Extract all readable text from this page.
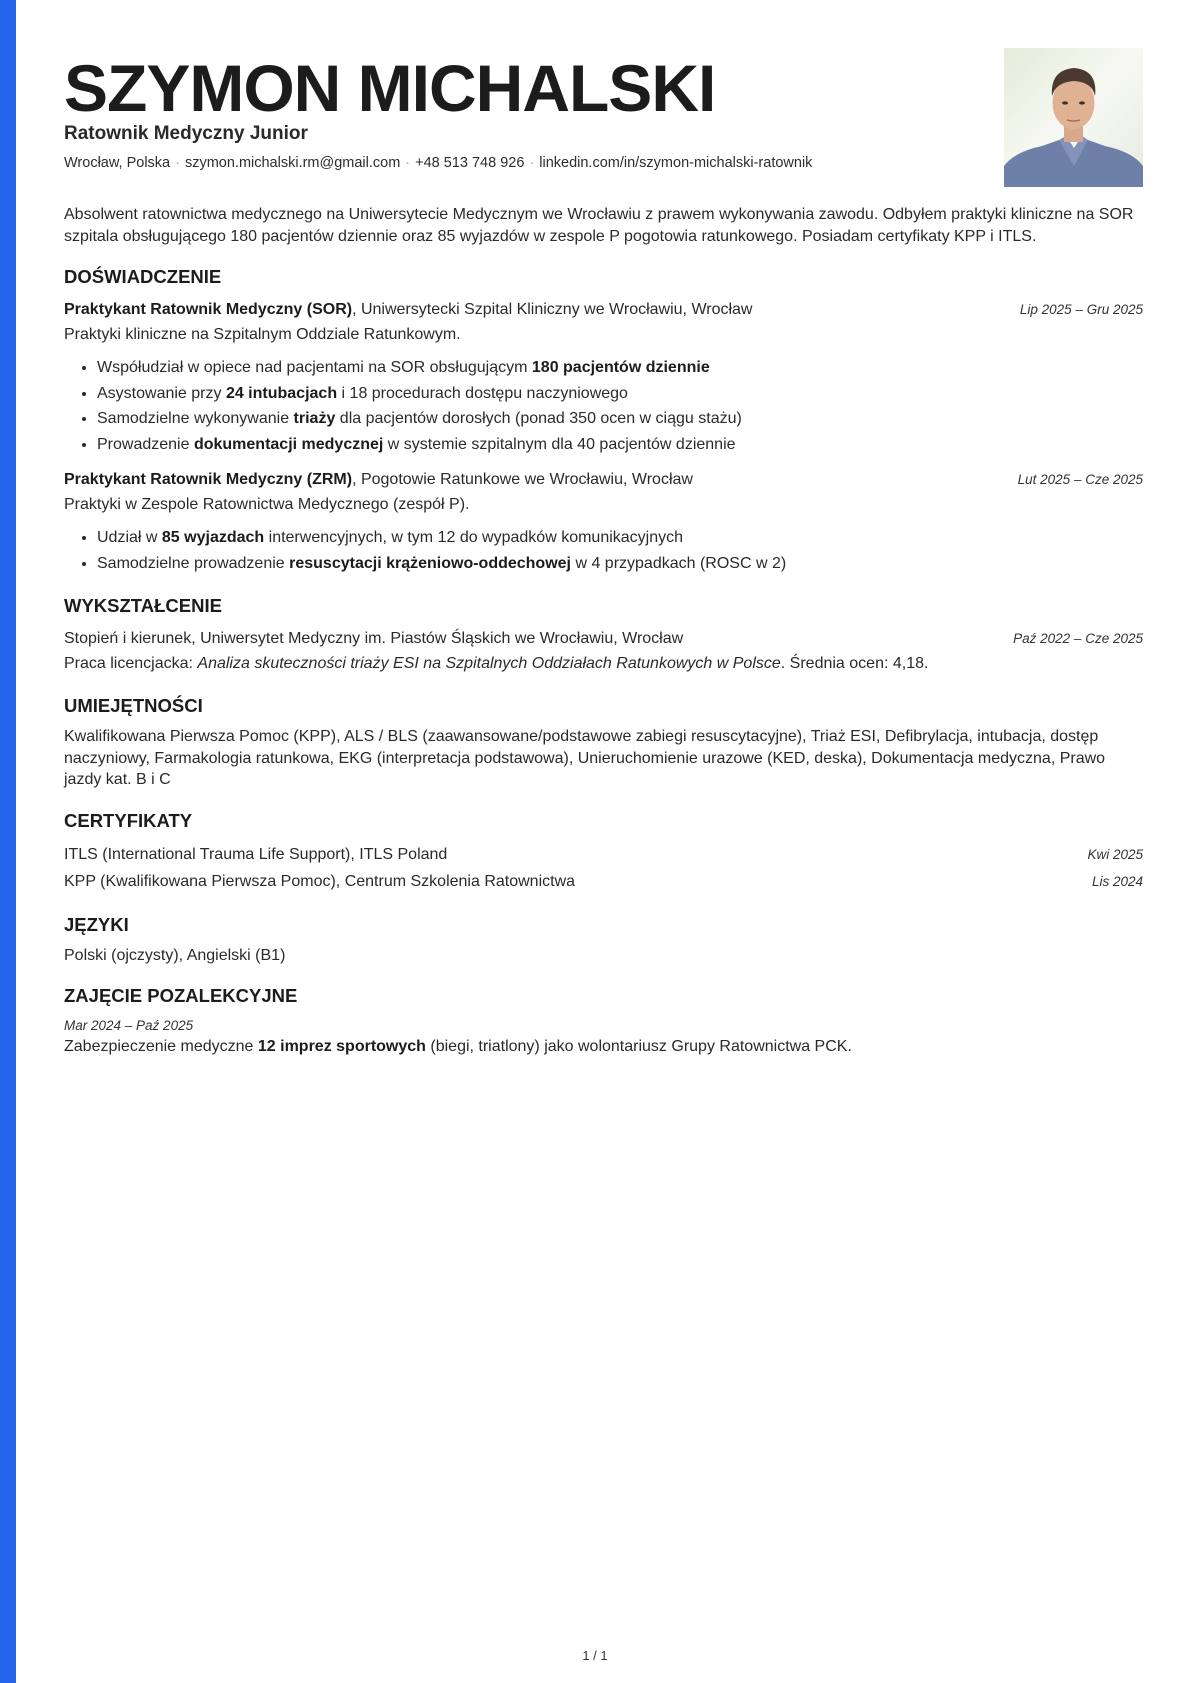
SZYMON MICHALSKI
Ratownik Medyczny Junior
Wrocław, Polska · szymon.michalski.rm@gmail.com · +48 513 748 926 · linkedin.com/in/szymon-michalski-ratownik
Absolwent ratownictwa medycznego na Uniwersytecie Medycznym we Wrocławiu z prawem wykonywania zawodu. Odbyłem praktyki kliniczne na SOR szpitala obsługującego 180 pacjentów dziennie oraz 85 wyjazdów w zespole P pogotowia ratunkowego. Posiadam certyfikaty KPP i ITLS.
DOŚWIADCZENIE
Praktykant Ratownik Medyczny (SOR), Uniwersytecki Szpital Kliniczny we Wrocławiu, Wrocław	Lip 2025 – Gru 2025
Praktyki kliniczne na Szpitalnym Oddziale Ratunkowym.
• Współudział w opiece nad pacjentami na SOR obsługującym 180 pacjentów dziennie
• Asystowanie przy 24 intubacjach i 18 procedurach dostępu naczyniowego
• Samodzielne wykonywanie triaży dla pacjentów dorosłych (ponad 350 ocen w ciągu stażu)
• Prowadzenie dokumentacji medycznej w systemie szpitalnym dla 40 pacjentów dziennie
Praktykant Ratownik Medyczny (ZRM), Pogotowie Ratunkowe we Wrocławiu, Wrocław	Lut 2025 – Cze 2025
Praktyki w Zespole Ratownictwa Medycznego (zespół P).
• Udział w 85 wyjazdach interwencyjnych, w tym 12 do wypadków komunikacyjnych
• Samodzielne prowadzenie resuscytacji krążeniowo-oddechowej w 4 przypadkach (ROSC w 2)
WYKSZTAŁCENIE
Stopień i kierunek, Uniwersytet Medyczny im. Piastów Śląskich we Wrocławiu, Wrocław	Paź 2022 – Cze 2025
Praca licencjacka: Analiza skuteczności triaży ESI na Szpitalnych Oddziałach Ratunkowych w Polsce. Średnia ocen: 4,18.
UMIEJĘTNOŚCI
Kwalifikowana Pierwsza Pomoc (KPP), ALS / BLS (zaawansowane/podstawowe zabiegi resuscytacyjne), Triaż ESI, Defibrylacja, intubacja, dostęp naczyniowy, Farmakologia ratunkowa, EKG (interpretacja podstawowa), Unieruchomienie urazowe (KED, deska), Dokumentacja medyczna, Prawo jazdy kat. B i C
CERTYFIKATY
ITLS (International Trauma Life Support), ITLS Poland	Kwi 2025
KPP (Kwalifikowana Pierwsza Pomoc), Centrum Szkolenia Ratownictwa	Lis 2024
JĘZYKI
Polski (ojczysty), Angielski (B1)
ZAJĘCIE POZALEKCYJNE
Mar 2024 – Paź 2025
Zabezpieczenie medyczne 12 imprez sportowych (biegi, triatlony) jako wolontariusz Grupy Ratownictwa PCK.
1 / 1
